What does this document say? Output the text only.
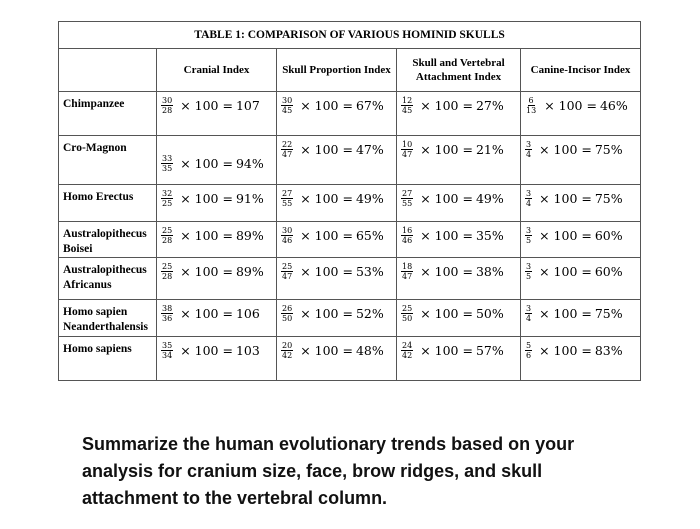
TABLE 1: COMPARISON OF VARIOUS HOMINID SKULLS				
	Cranial Index	Skull Proportion Index	Skull and Vertebral Attachment Index	Canine-Incisor Index
Chimpanzee	$\frac{30}{28} \times 100 = 107$	$\frac{30}{45} \times 100 = 67\%$	$\frac{12}{45} \times 100 = 27\%$	$\frac{6}{13} \times 100 = 46\%$

Cro-Magnon	$\frac{33}{35} \times 100 = 94\%$	$\frac{22}{47} \times 100 = 47\%$	$\frac{10}{47} \times 100 = 21\%$	$\frac{3}{4} \times 100 = 75\%$

Homo Erectus	$\frac{32}{25} \times 100 = 91\%$	$\frac{27}{55} \times 100 = 49\%$	$\frac{27}{55} \times 100 = 49\%$	$\frac{3}{4} \times 100 = 75\%$

Australopithecus Boisei	$\frac{25}{28} \times 100 = 89\%$	$\frac{30}{46} \times 100 = 65\%$	$\frac{16}{46} \times 100 = 35\%$	$\frac{3}{5} \times 100 = 60\%$

Australopithecus Africanus	$\frac{25}{28} \times 100 = 89\%$	$\frac{25}{47} \times 100 = 53\%$	$\frac{18}{47} \times 100 = 38\%$	$\frac{3}{5} \times 100 = 60\%$

Homo sapien Neanderthalensis	$\frac{38}{36} \times 100 = 106$	$\frac{26}{50} \times 100 = 52\%$	$\frac{25}{50} \times 100 = 50\%$	$\frac{3}{4} \times 100 = 75\%$

Homo sapiens	$\frac{35}{34} \times 100 = 103$	$\frac{20}{42} \times 100 = 48\%$	$\frac{24}{42} \times 100 = 57\%$	$\frac{5}{6} \times 100 = 83\%$

Summarize the human evolutionary trends based on your analysis for cranium size, face, brow ridges, and skull attachment to the vertebral column.
